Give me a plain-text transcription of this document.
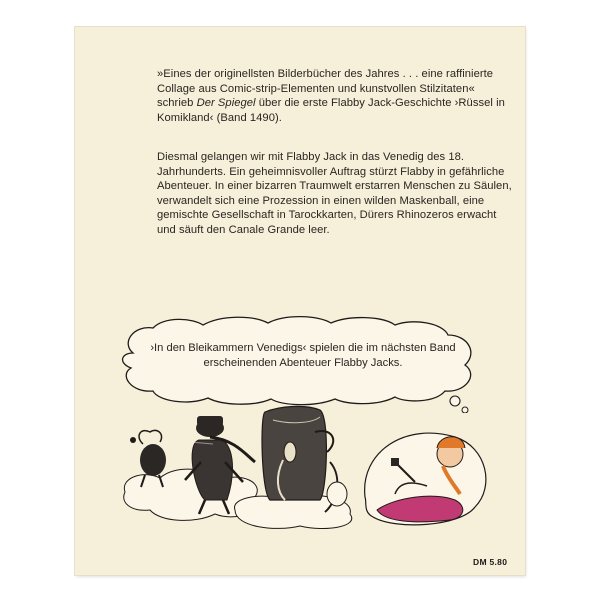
»Eines der originellsten Bilderbücher des Jahres . . . eine raffinierte Collage aus Comic-strip-Elementen und kunstvollen Stilzitaten« schrieb Der Spiegel über die erste Flabby Jack-Geschichte ›Rüssel in Komikland‹ (Band 1490).

Diesmal gelangen wir mit Flabby Jack in das Venedig des 18. Jahrhunderts. Ein geheimnisvoller Auftrag stürzt Flabby in gefährliche Abenteuer. In einer bizarren Traumwelt erstarren Menschen zu Säulen, verwandelt sich eine Prozession in einen wilden Maskenball, eine gemischte Gesellschaft in Tarockkarten, Dürers Rhinozeros erwacht und säuft den Canale Grande leer.

›In den Bleikammern Venedigs‹ spielen die im nächsten Band erscheinenden Abenteuer Flabby Jacks.

DM 5.80
